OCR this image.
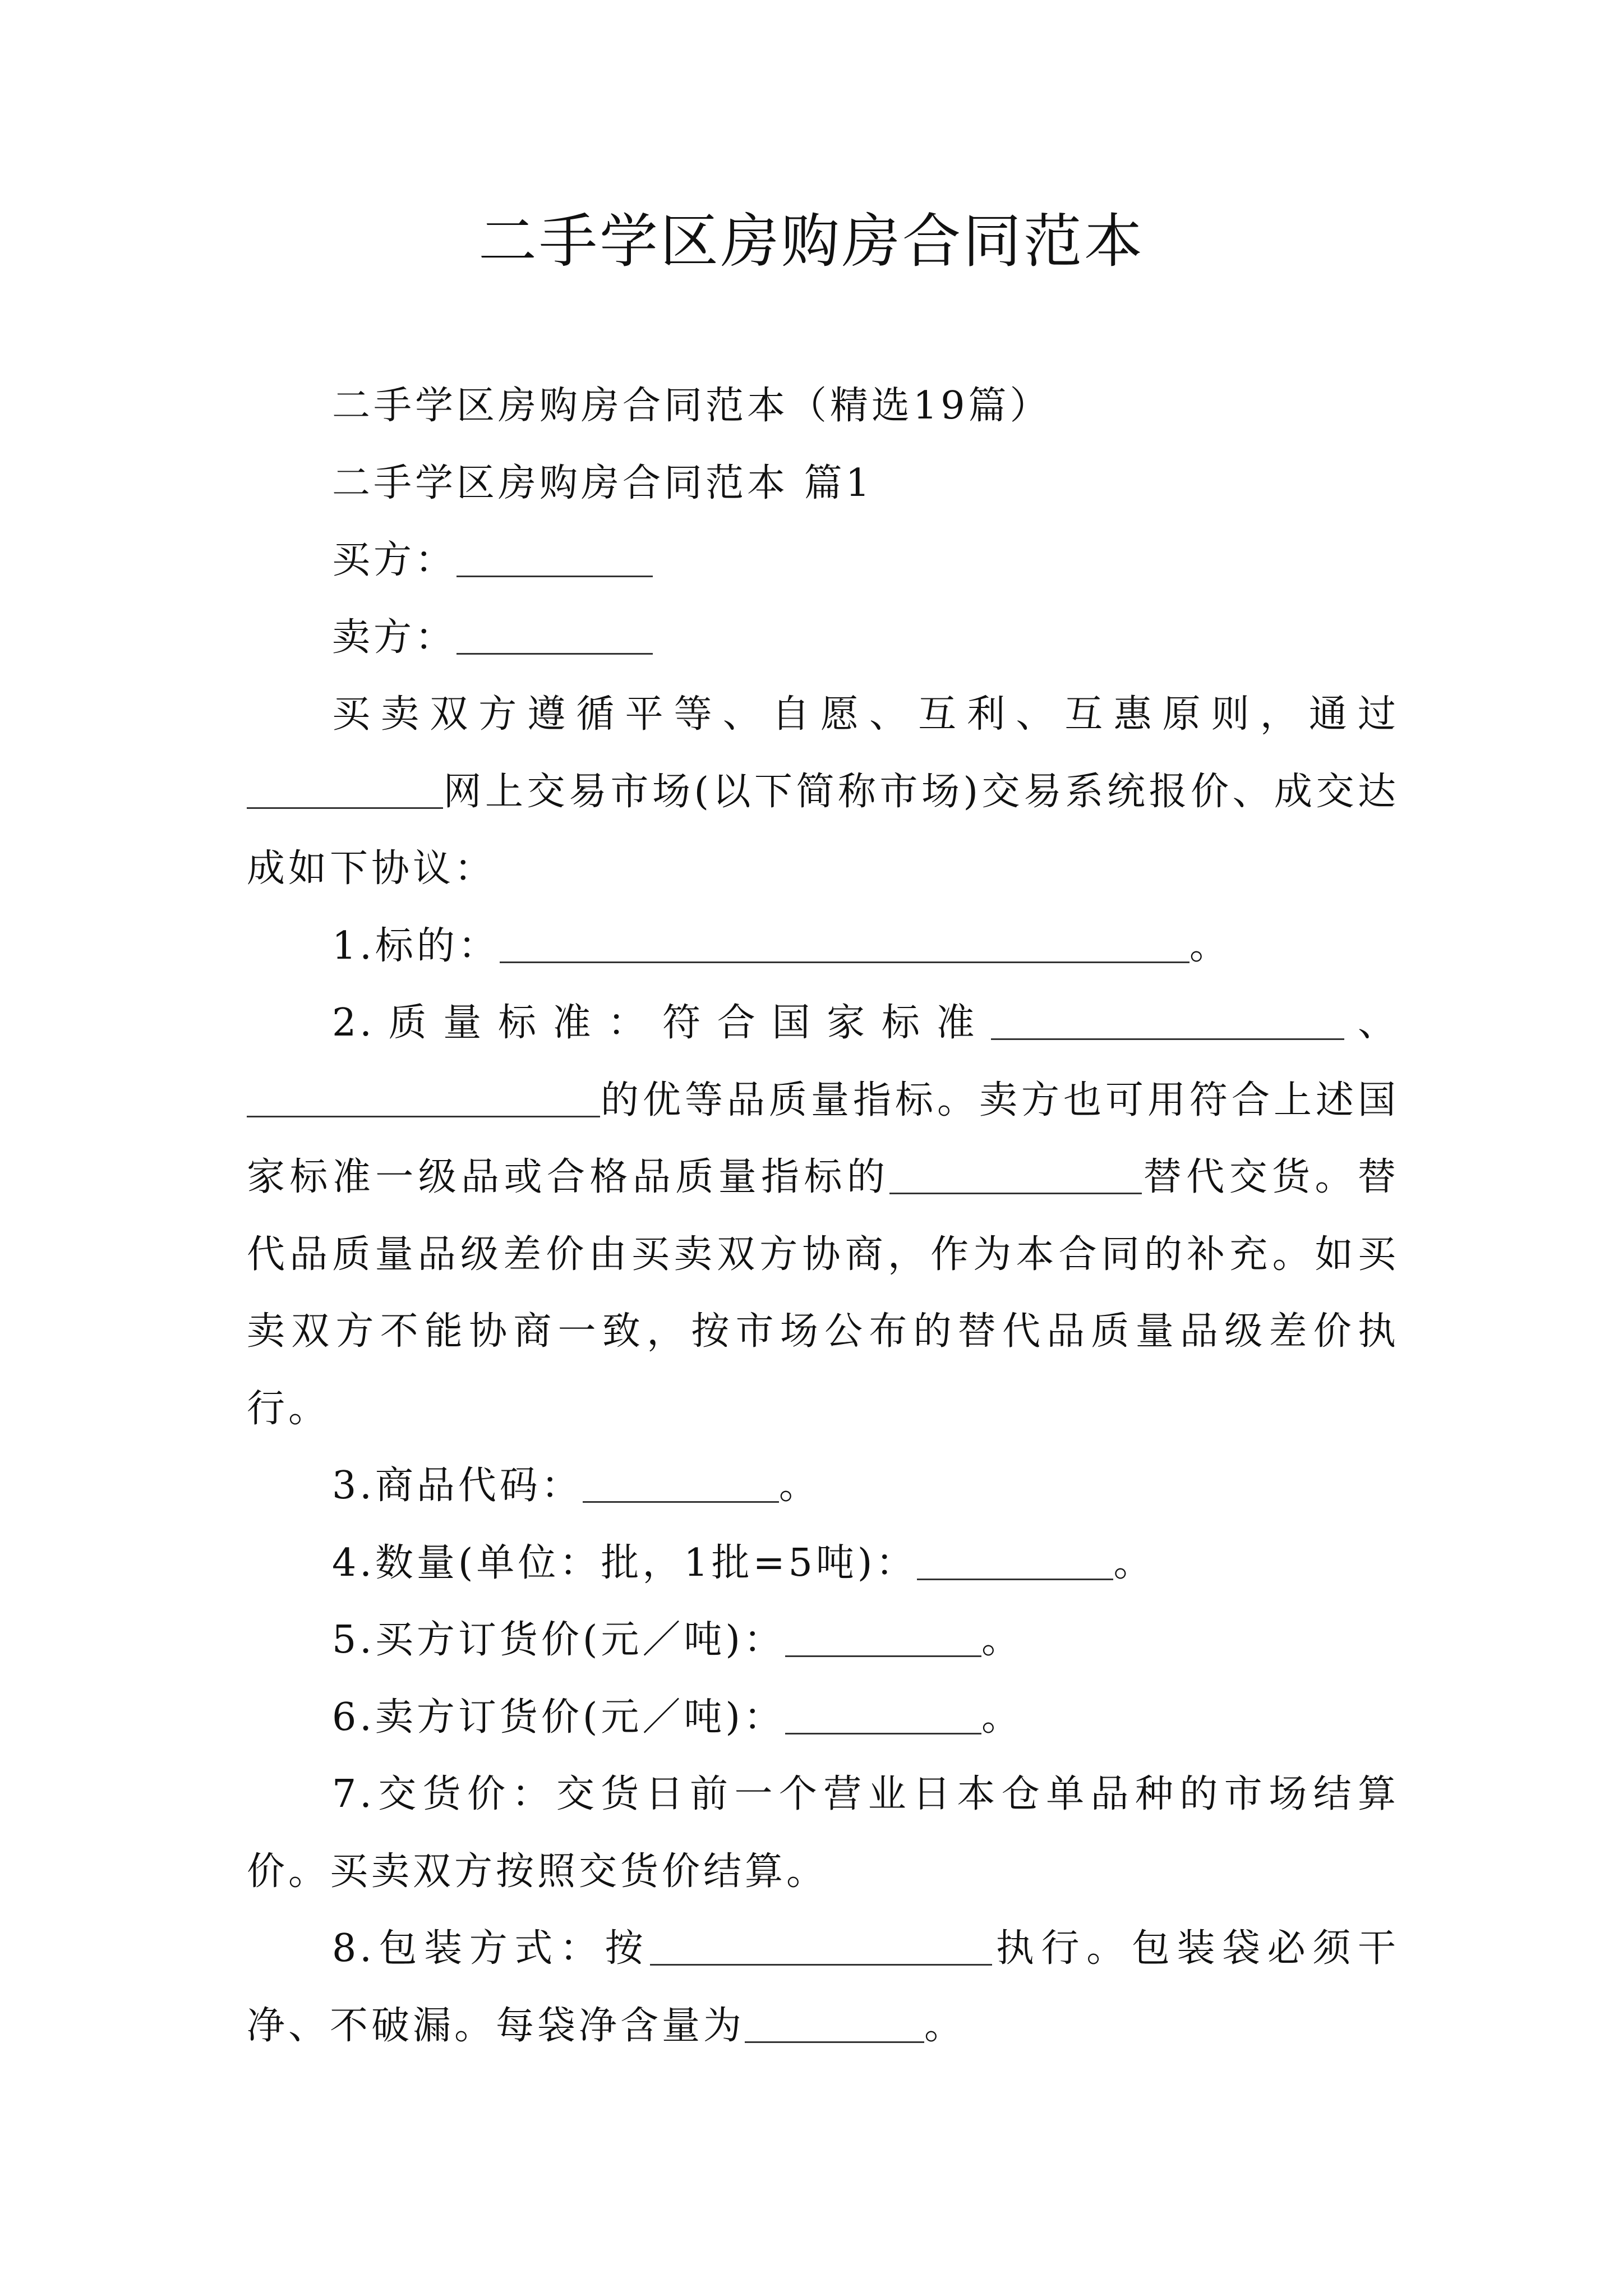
二手学区房购房合同范本

二手学区房购房合同范本（精选19篇）

二手学区房购房合同范本 篇1

买方：

卖方：

买卖双方遵循平等、自愿、互利、互惠原则，通过网上交易市场(以下简称市场)交易系统报价、成交达成如下协议：

1.标的：	。

2.质量标准：符合国家标准	、的优等品质量指标。卖方也可用符合上述国家标准一级品或合格品质量指标的	替代交货。替代品质量品级差价由买卖双方协商，作为本合同的补充。如买卖双方不能协商一致，按市场公布的替代品质量品级差价执行。

3.商品代码：	。

4.数量(单位：批，1批=5吨)：	。

5.买方订货价(元／吨)：	。

6.卖方订货价(元／吨)：	。

7.交货价：交货日前一个营业日本仓单品种的市场结算价。买卖双方按照交货价结算。

8.包装方式：按	执行。包装袋必须干净、不破漏。每袋净含量为	。
